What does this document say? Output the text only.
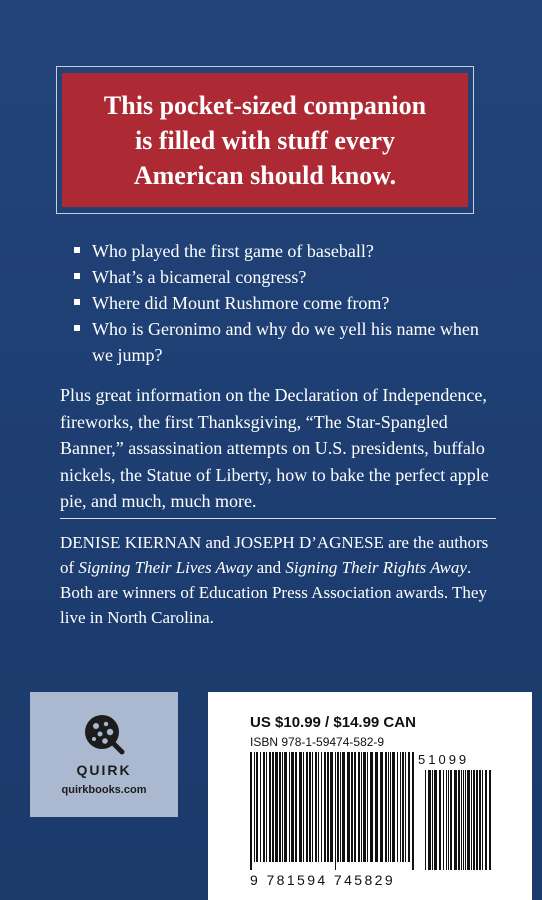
This pocket-sized companion
is filled with stuff every
American should know.
Who played the first game of baseball?
What’s a bicameral congress?
Where did Mount Rushmore come from?
Who is Geronimo and why do we yell his name when we jump?

Plus great information on the Declaration of Independence, fireworks, the first Thanksgiving, “The Star-Spangled Banner,” assassination attempts on U.S. presidents, buffalo nickels, the Statue of Liberty, how to bake the perfect apple pie, and much, much more.

DENISE KIERNAN and JOSEPH D’AGNESE are the authors of Signing Their Lives Away and Signing Their Rights Away. Both are winners of Education Press Association awards. They live in North Carolina.

QUIRK
quirkbooks.com
US $10.99 / $14.99 CAN
ISBN 978-1-59474-582-9
51099
9 781594 745829
